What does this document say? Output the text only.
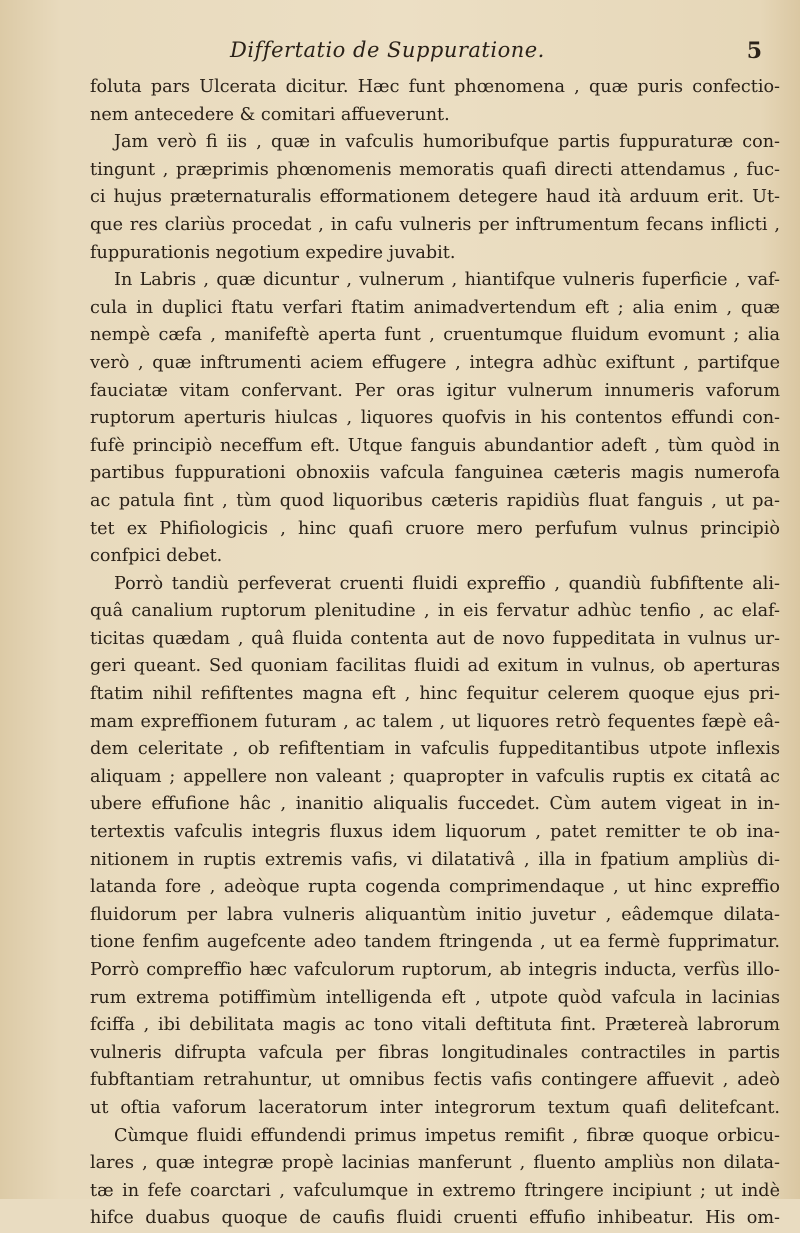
Differtatio de Suppuratione.	5
foluta pars Ulcerata dicitur. Hæc funt phœnomena , quæ puris confectio-
nem antecedere & comitari affueverunt.
Jam verò fi iis , quæ in vafculis humoribufque partis fuppuraturæ con-
tingunt , præprimis phœnomenis memoratis quafi directi attendamus , fuc-
ci hujus præternaturalis efformationem detegere haud ità arduum erit. Ut-
que res clariùs procedat , in cafu vulneris per inftrumentum fecans inflicti ,
fuppurationis negotium expedire juvabit.
In Labris , quæ dicuntur , vulnerum , hiantifque vulneris fuperficie , vaf-
cula in duplici ftatu verfari ftatim animadvertendum eft ; alia enim , quæ
nempè cæfa , manifeftè aperta funt , cruentumque fluidum evomunt ; alia
verò , quæ inftrumenti aciem effugere , integra adhùc exiftunt , partifque
fauciatæ vitam confervant. Per oras igitur vulnerum innumeris vaforum
ruptorum aperturis hiulcas , liquores quofvis in his contentos effundi con-
fufè principiò neceffum eft. Utque fanguis abundantior adeft , tùm quòd in
partibus fuppurationi obnoxiis vafcula fanguinea cæteris magis numerofa
ac patula fint , tùm quod liquoribus cæteris rapidiùs fluat fanguis , ut pa-
tet ex Phifiologicis , hinc quafi cruore mero perfufum vulnus principiò
confpici debet.
Porrò tandiù perfeverat cruenti fluidi expreffio , quandiù fubfiftente ali-
quâ canalium ruptorum plenitudine , in eis fervatur adhùc tenfio , ac elaf-
ticitas quædam , quâ fluida contenta aut de novo fuppeditata in vulnus ur-
geri queant. Sed quoniam facilitas fluidi ad exitum in vulnus, ob aperturas
ftatim nihil refiftentes magna eft , hinc fequitur celerem quoque ejus pri-
mam expreffionem futuram , ac talem , ut liquores retrò fequentes fæpè eâ-
dem celeritate , ob refiftentiam in vafculis fuppeditantibus utpote inflexis
aliquam ; appellere non valeant ; quapropter in vafculis ruptis ex citatâ ac
ubere effufione hâc , inanitio aliqualis fuccedet. Cùm autem vigeat in in-
tertextis vafculis integris fluxus idem liquorum , patet remitter te ob ina-
nitionem in ruptis extremis vafis, vi dilatativâ , illa in fpatium ampliùs di-
latanda fore , adeòque rupta cogenda comprimendaque , ut hinc expreffio
fluidorum per labra vulneris aliquantùm initio juvetur , eâdemque dilata-
tione fenfim augefcente adeo tandem ftringenda , ut ea fermè fupprimatur.
Porrò compreffio hæc vafculorum ruptorum, ab integris inducta, verfùs illo-
rum extrema potiffimùm intelligenda eft , utpote quòd vafcula in lacinias
fciffa , ibi debilitata magis ac tono vitali deftituta fint. Prætereà labrorum
vulneris difrupta vafcula per fibras longitudinales contractiles in partis
fubftantiam retrahuntur, ut omnibus fectis vafis contingere affuevit , adeò
ut oftia vaforum laceratorum inter integrorum textum quafi delitefcant.
Cùmque fluidi effundendi primus impetus remifit , fibræ quoque orbicu-
lares , quæ integræ propè lacinias manferunt , fluento ampliùs non dilata-
tæ in fefe coarctari , vafculumque in extremo ftringere incipiunt ; ut indè
hifce duabus quoque de caufis fluidi cruenti effufio inhibeatur. His om-
